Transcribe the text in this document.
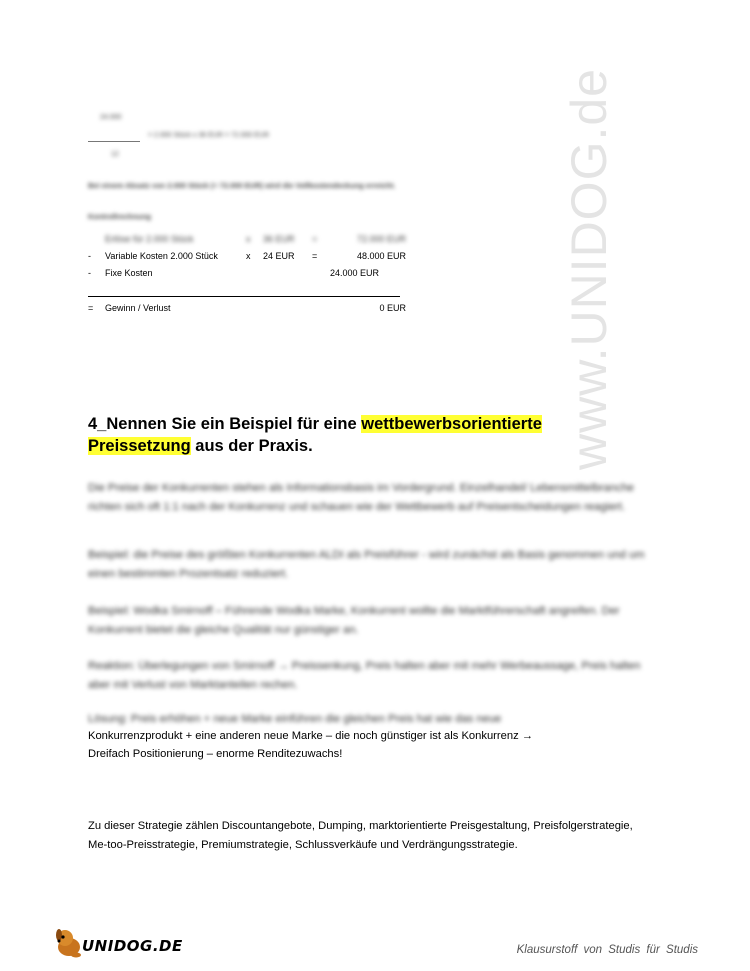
24.000
12
= 2.000 Stück x 36 EUR = 72.000 EUR
Bei einem Absatz von 2.000 Stück (= 72.000 EUR) wird die Vollkostendeckung erreicht.
Kontrollrechnung
Erlöse für 2.000 Stück	x 36 EUR =	72.000 EUR
- Variable Kosten 2.000 Stück	x 24 EUR =	48.000 EUR
- Fixe Kosten	24.000 EUR
= Gewinn / Verlust	0 EUR	www.UNIDOG.de
4_Nennen Sie ein Beispiel für eine wettbewerbsorientierte
Preissetzung aus der Praxis.
Die Preise der Konkurrenten stehen als Informationsbasis im Vordergrund. Einzelhandel/ Lebensmittelbranche richten sich oft 1:1 nach der Konkurrenz und schauen wie der Wettbewerb auf Preisentscheidungen reagiert.
Beispiel: die Preise des größten Konkurrenten ALDI als Preisführer - wird zunächst als Basis genommen und um einen bestimmten Prozentsatz reduziert.
Beispiel: Wodka Smirnoff – Führende Wodka Marke, Konkurrent wollte die Marktführerschaft angreifen. Der Konkurrent bietet die gleiche Qualität nur günstiger an.
Reaktion: Überlegungen von Smirnoff → Preissenkung, Preis halten aber mit mehr Werbeaussage, Preis halten aber mit Verlust von Marktanteilen rechen.
Lösung: Preis erhöhen + neue Marke einführen die gleichen Preis hat wie das neue
Konkurrenzprodukt + eine anderen neue Marke – die noch günstiger ist als Konkurrenz →
Dreifach Positionierung – enorme Renditezuwachs!
Zu dieser Strategie zählen Discountangebote, Dumping, marktorientierte Preisgestaltung, Preisfolgerstrategie, Me-too-Preisstrategie, Premiumstrategie, Schlussverkäufe und Verdrängungsstrategie.
UNIDOG.DE	Klausurstoff von Studis für Studis
